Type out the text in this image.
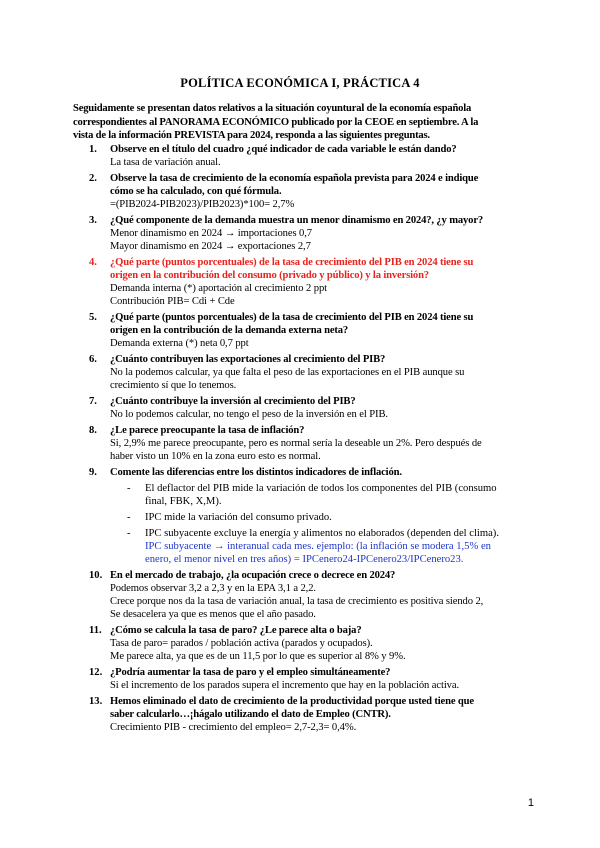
POLÍTICA ECONÓMICA I, PRÁCTICA 4
Seguidamente se presentan datos relativos a la situación coyuntural de la economía española
correspondientes al PANORAMA ECONÓMICO publicado por la CEOE en septiembre. A la
vista de la información PREVISTA para 2024, responda a las siguientes preguntas.
1. Observe en el título del cuadro ¿qué indicador de cada variable le están dando?
La tasa de variación anual.
2. Observe la tasa de crecimiento de la economía española prevista para 2024 e indique
cómo se ha calculado, con qué fórmula.
=(PIB2024-PIB2023)/PIB2023)*100= 2,7%
3. ¿Qué componente de la demanda muestra un menor dinamismo en 2024?, ¿y mayor?
Menor dinamismo en 2024 → importaciones 0,7
Mayor dinamismo en 2024 → exportaciones 2,7
4. ¿Qué parte (puntos porcentuales) de la tasa de crecimiento del PIB en 2024 tiene su
origen en la contribución del consumo (privado y público) y la inversión?
Demanda interna (*) aportación al crecimiento 2 ppt
Contribución PIB= Cdi + Cde
5. ¿Qué parte (puntos porcentuales) de la tasa de crecimiento del PIB en 2024 tiene su
origen en la contribución de la demanda externa neta?
Demanda externa (*) neta 0,7 ppt
6. ¿Cuánto contribuyen las exportaciones al crecimiento del PIB?
No la podemos calcular, ya que falta el peso de las exportaciones en el PIB aunque su
crecimiento sí que lo tenemos.
7. ¿Cuánto contribuye la inversión al crecimiento del PIB?
No lo podemos calcular, no tengo el peso de la inversión en el PIB.
8. ¿Le parece preocupante la tasa de inflación?
Si, 2,9% me parece preocupante, pero es normal sería la deseable un 2%. Pero después de
haber visto un 10% en la zona euro esto es normal.
9. Comente las diferencias entre los distintos indicadores de inflación.
- El deflactor del PIB mide la variación de todos los componentes del PIB (consumo
final, FBK, X,M).
- IPC mide la variación del consumo privado.
- IPC subyacente excluye la energía y alimentos no elaborados (dependen del clima).
IPC subyacente → interanual cada mes. ejemplo: (la inflación se modera 1,5% en
enero, el menor nivel en tres años) = IPCenero24-IPCenero23/IPCenero23.
10. En el mercado de trabajo, ¿la ocupación crece o decrece en 2024?
Podemos observar 3,2 a 2,3 y en la EPA 3,1 a 2,2.
Crece porque nos da la tasa de variación anual, la tasa de crecimiento es positiva siendo 2,
Se desacelera ya que es menos que el año pasado.
11. ¿Cómo se calcula la tasa de paro? ¿Le parece alta o baja?
Tasa de paro= parados / población activa (parados y ocupados).
Me parece alta, ya que es de un 11,5 por lo que es superior al 8% y 9%.
12. ¿Podría aumentar la tasa de paro y el empleo simultáneamente?
Si el incremento de los parados supera el incremento que hay en la población activa.
13. Hemos eliminado el dato de crecimiento de la productividad porque usted tiene que
saber calcularlo…¡hágalo utilizando el dato de Empleo (CNTR).
Crecimiento PIB - crecimiento del empleo= 2,7-2,3= 0,4%.
1
